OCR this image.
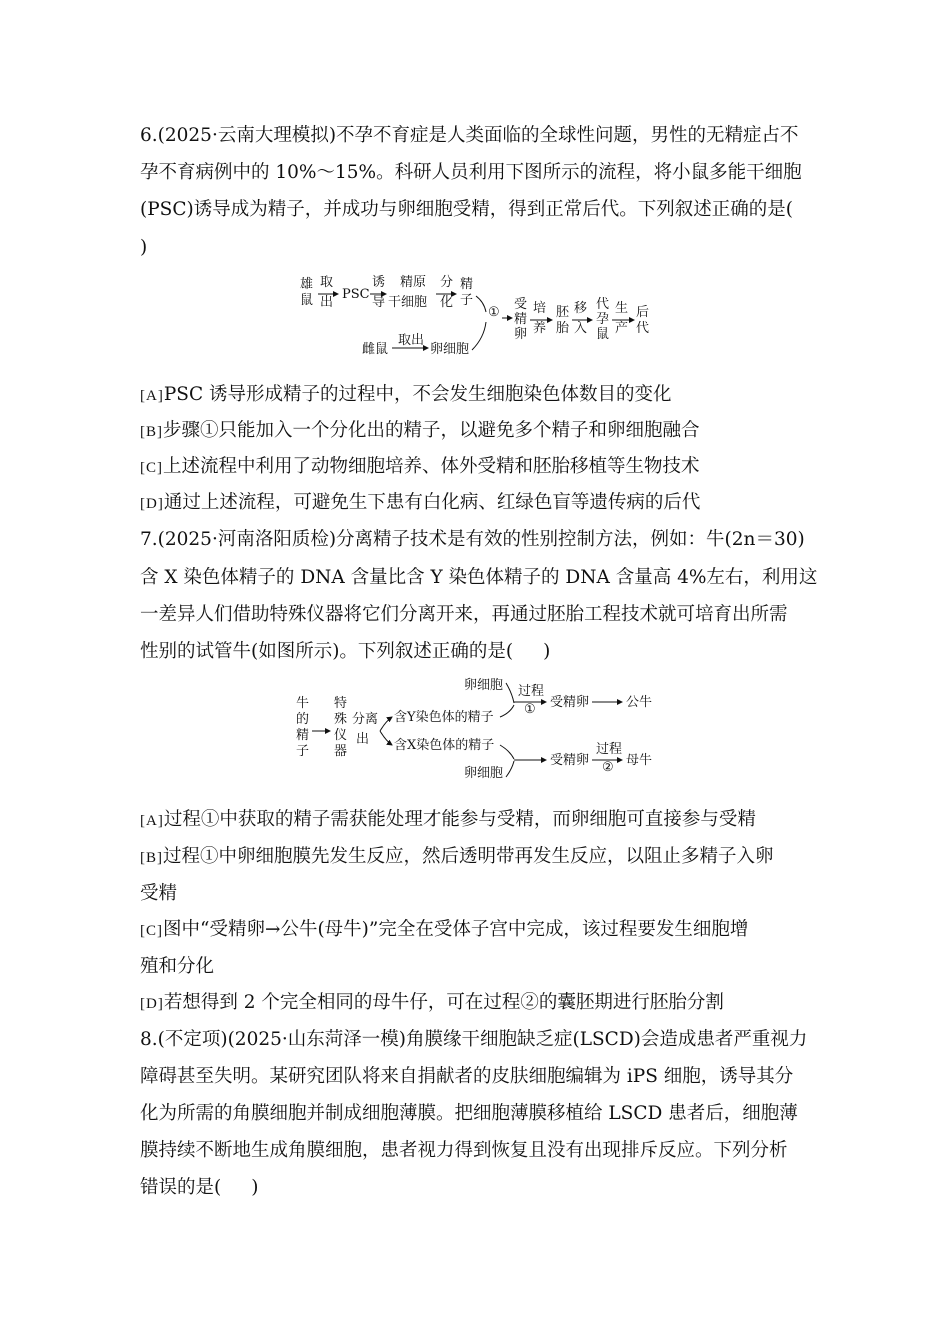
6.(2025·云南大理模拟)不孕不育症是人类面临的全球性问题，男性的无精症占不
孕不育病例中的 10%～15%。科研人员利用下图所示的流程，将小鼠多能干细胞
(PSC)诱导成为精子，并成功与卵细胞受精，得到正常后代。下列叙述正确的是(
)
雄
鼠
取
出
PSC
诱
导
精原
干细胞
分
化
精
子
①
受
精
卵
培
养
胚
胎
移
入
代
孕
鼠
生
产
后
代
雌鼠
取出
卵细胞
[A]PSC 诱导形成精子的过程中，不会发生细胞染色体数目的变化
[B]步骤①只能加入一个分化出的精子，以避免多个精子和卵细胞融合
[C]上述流程中利用了动物细胞培养、体外受精和胚胎移植等生物技术
[D]通过上述流程，可避免生下患有白化病、红绿色盲等遗传病的后代
7.(2025·河南洛阳质检)分离精子技术是有效的性别控制方法，例如：牛(2n＝30)
含 X 染色体精子的 DNA 含量比含 Y 染色体精子的 DNA 含量高 4%左右，利用这
一差异人们借助特殊仪器将它们分离开来，再通过胚胎工程技术就可培育出所需
性别的试管牛(如图所示)。下列叙述正确的是( )
牛
的
精
子
特
殊
仪
器
分离
出
含Y染色体的精子
含X染色体的精子
卵细胞
卵细胞
过程
① 受精卵	公牛
受精卵
过程
② 母牛
[A]过程①中获取的精子需获能处理才能参与受精，而卵细胞可直接参与受精
[B]过程①中卵细胞膜先发生反应，然后透明带再发生反应，以阻止多精子入卵
受精
[C]图中“受精卵→公牛(母牛)”完全在受体子宫中完成，该过程要发生细胞增
殖和分化
[D]若想得到 2 个完全相同的母牛仔，可在过程②的囊胚期进行胚胎分割
8.(不定项)(2025·山东菏泽一模)角膜缘干细胞缺乏症(LSCD)会造成患者严重视力
障碍甚至失明。某研究团队将来自捐献者的皮肤细胞编辑为 iPS 细胞，诱导其分
化为所需的角膜细胞并制成细胞薄膜。把细胞薄膜移植给 LSCD 患者后，细胞薄
膜持续不断地生成角膜细胞，患者视力得到恢复且没有出现排斥反应。下列分析
错误的是( )
